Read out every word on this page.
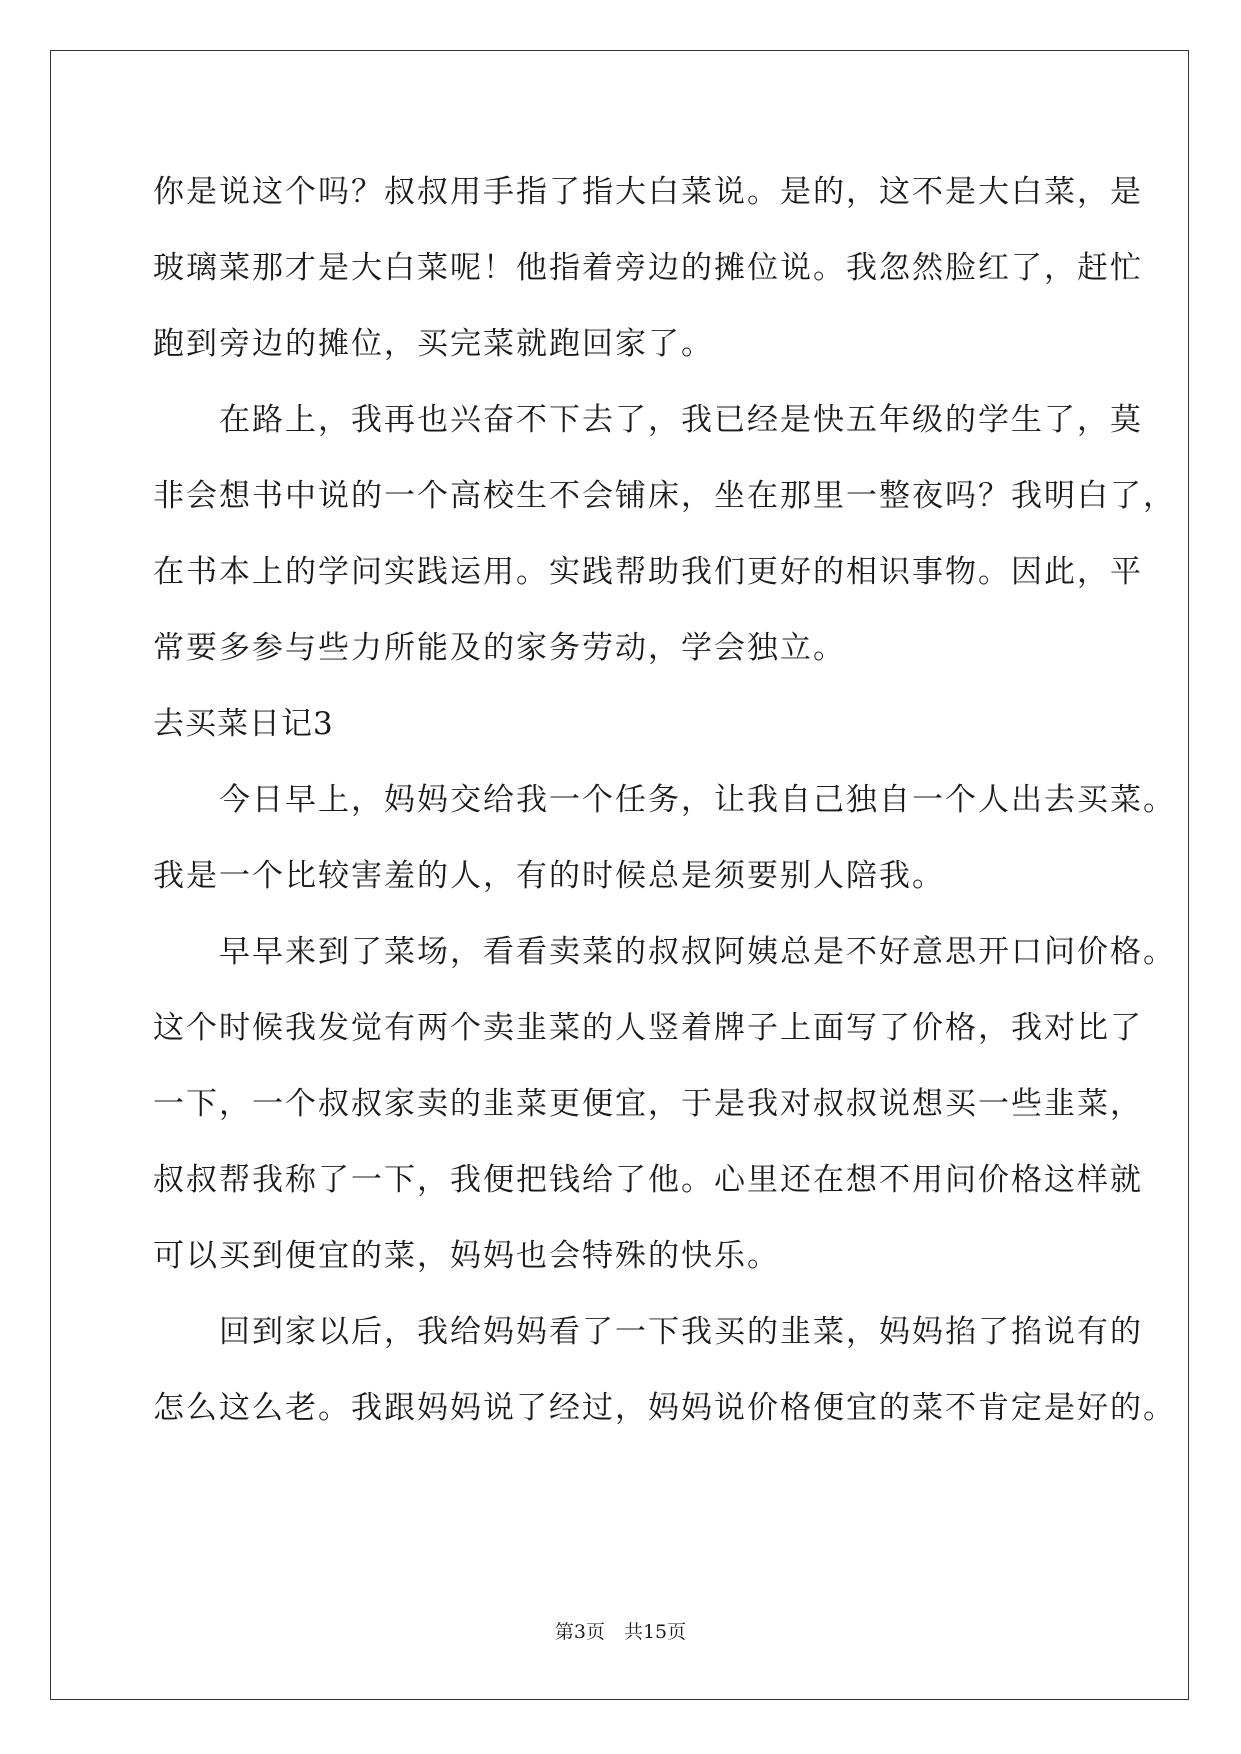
你是说这个吗？叔叔用手指了指大白菜说。是的，这不是大白菜，是
玻璃菜那才是大白菜呢！他指着旁边的摊位说。我忽然脸红了，赶忙
跑到旁边的摊位，买完菜就跑回家了。
　　在路上，我再也兴奋不下去了，我已经是快五年级的学生了，莫
非会想书中说的一个高校生不会铺床，坐在那里一整夜吗？我明白了，
在书本上的学问实践运用。实践帮助我们更好的相识事物。因此，平
常要多参与些力所能及的家务劳动，学会独立。
去买菜日记3
　　今日早上，妈妈交给我一个任务，让我自己独自一个人出去买菜。
我是一个比较害羞的人，有的时候总是须要别人陪我。
　　早早来到了菜场，看看卖菜的叔叔阿姨总是不好意思开口问价格。
这个时候我发觉有两个卖韭菜的人竖着牌子上面写了价格，我对比了
一下，一个叔叔家卖的韭菜更便宜，于是我对叔叔说想买一些韭菜，
叔叔帮我称了一下，我便把钱给了他。心里还在想不用问价格这样就
可以买到便宜的菜，妈妈也会特殊的快乐。
　　回到家以后，我给妈妈看了一下我买的韭菜，妈妈掐了掐说有的
怎么这么老。我跟妈妈说了经过，妈妈说价格便宜的菜不肯定是好的。
第3页　共15页
